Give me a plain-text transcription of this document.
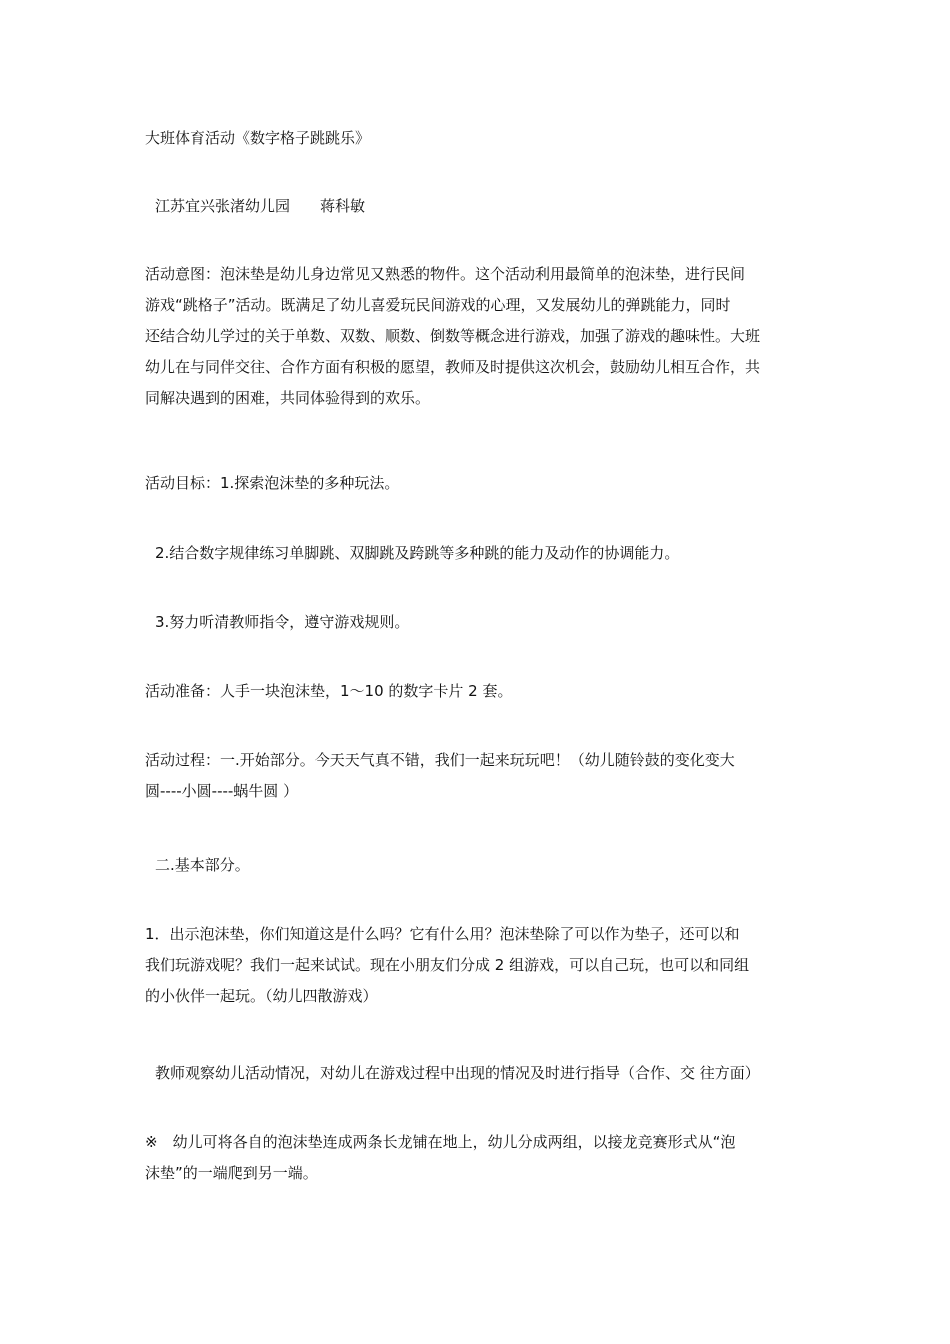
大班体育活动《数字格子跳跳乐》

江苏宜兴张渚幼儿园　　蒋科敏

活动意图：泡沫垫是幼儿身边常见又熟悉的物件。这个活动利用最简单的泡沫垫，进行民间
游戏“跳格子”活动。既满足了幼儿喜爱玩民间游戏的心理，又发展幼儿的弹跳能力，同时
还结合幼儿学过的关于单数、双数、顺数、倒数等概念进行游戏，加强了游戏的趣味性。大班
幼儿在与同伴交往、合作方面有积极的愿望，教师及时提供这次机会，鼓励幼儿相互合作，共
同解决遇到的困难，共同体验得到的欢乐。

活动目标：1.探索泡沫垫的多种玩法。

2.结合数字规律练习单脚跳、双脚跳及跨跳等多种跳的能力及动作的协调能力。

3.努力听清教师指令，遵守游戏规则。

活动准备：人手一块泡沫垫，1～10 的数字卡片 2 套。

活动过程：一.开始部分。今天天气真不错，我们一起来玩玩吧！（幼儿随铃鼓的变化变大
圆----小圆----蜗牛圆 ）

二.基本部分。

1．出示泡沫垫，你们知道这是什么吗？它有什么用？泡沫垫除了可以作为垫子，还可以和
我们玩游戏呢？我们一起来试试。现在小朋友们分成 2 组游戏，可以自己玩，也可以和同组
的小伙伴一起玩。（幼儿四散游戏）

教师观察幼儿活动情况，对幼儿在游戏过程中出现的情况及时进行指导（合作、交 往方面）

※　幼儿可将各自的泡沫垫连成两条长龙铺在地上，幼儿分成两组，以接龙竞赛形式从“泡
沫垫”的一端爬到另一端。
